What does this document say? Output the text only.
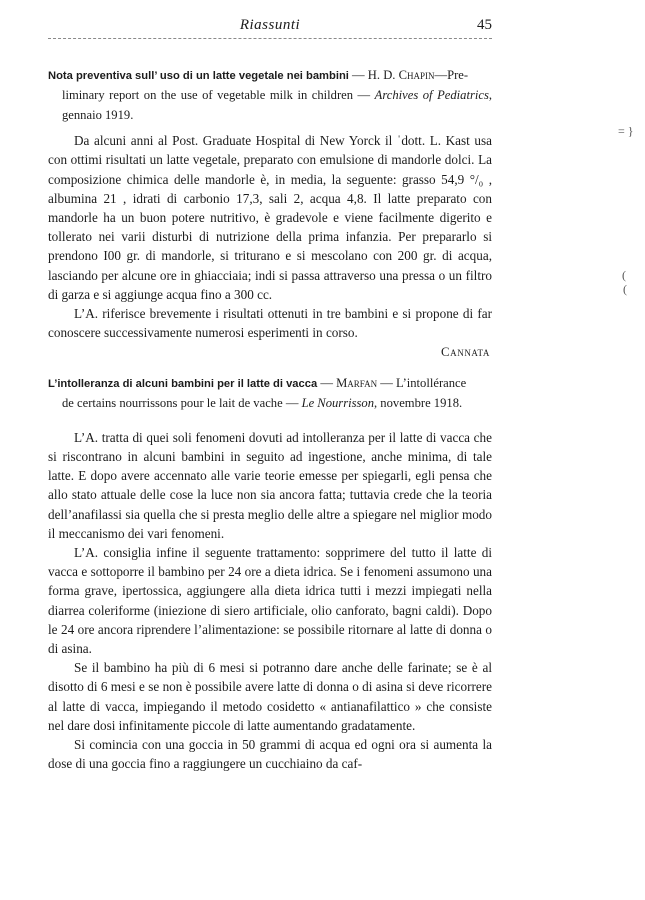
Riassunti	45

Nota preventiva sull’ uso di un latte vegetale nei bambini — H. D. Chapin—Pre-
liminary report on the use of vegetable milk in children — Archives of Pediatrics, gennaio 1919.

Da alcuni anni al Post. Graduate Hospital di New Yorck il ˈdott. L. Kast usa con ottimi risultati un latte vegetale, preparato con emulsione di mandorle dolci. La composizione chimica delle mandorle è, in media, la seguente: grasso 54,9 °/₀ , albumina 21 , idrati di carbonio 17,3, sali 2, acqua 4,8. Il latte preparato con mandorle ha un buon potere nutritivo, è gradevole e viene facilmente digerito e tollerato nei varii disturbi di nutrizione della prima infanzia. Per prepararlo si prendono I00 gr. di mandorle, si triturano e si mescolano con 200 gr. di acqua, lasciando per alcune ore in ghiacciaia; indi si passa attraverso una pressa o un filtro di garza e si aggiunge acqua fino a 300 cc.

L’A. riferisce brevemente i risultati ottenuti in tre bambini e si propone di far conoscere successivamente numerosi esperimenti in corso.

Cannata

L’intolleranza di alcuni bambini per il latte di vacca — Marfan — L’intollérance
de certains nourrissons pour le lait de vache — Le Nourrisson, novembre 1918.

L’A. tratta di quei soli fenomeni dovuti ad intolleranza per il latte di vacca che si riscontrano in alcuni bambini in seguito ad ingestione, anche minima, di tale latte. E dopo avere accennato alle varie teorie emesse per spiegarli, egli pensa che allo stato attuale delle cose la luce non sia ancora fatta; tuttavia crede che la teoria dell’anafilassi sia quella che si presta meglio delle altre a spiegare nel miglior modo il meccanismo dei vari fenomeni.

L’A. consiglia infine il seguente trattamento: sopprimere del tutto il latte di vacca e sottoporre il bambino per 24 ore a dieta idrica. Se i fenomeni assumono una forma grave, ipertossica, aggiungere alla dieta idrica tutti i mezzi impiegati nella diarrea coleriforme (iniezione di siero artificiale, olio canforato, bagni caldi). Dopo le 24 ore ancora riprendere l’alimentazione: se possibile ritornare al latte di donna o di asina.

Se il bambino ha più di 6 mesi si potranno dare anche delle farinate; se è al disotto di 6 mesi e se non è possibile avere latte di donna o di asina si deve ricorrere al latte di vacca, impiegando il metodo cosidetto « antianafilattico » che consiste nel dare dosi infinitamente piccole di latte aumentando gradatamente.

Si comincia con una goccia in 50 grammi di acqua ed ogni ora si aumenta la dose di una goccia fino a raggiungere un cucchiaino da caf-

= }
(
(
